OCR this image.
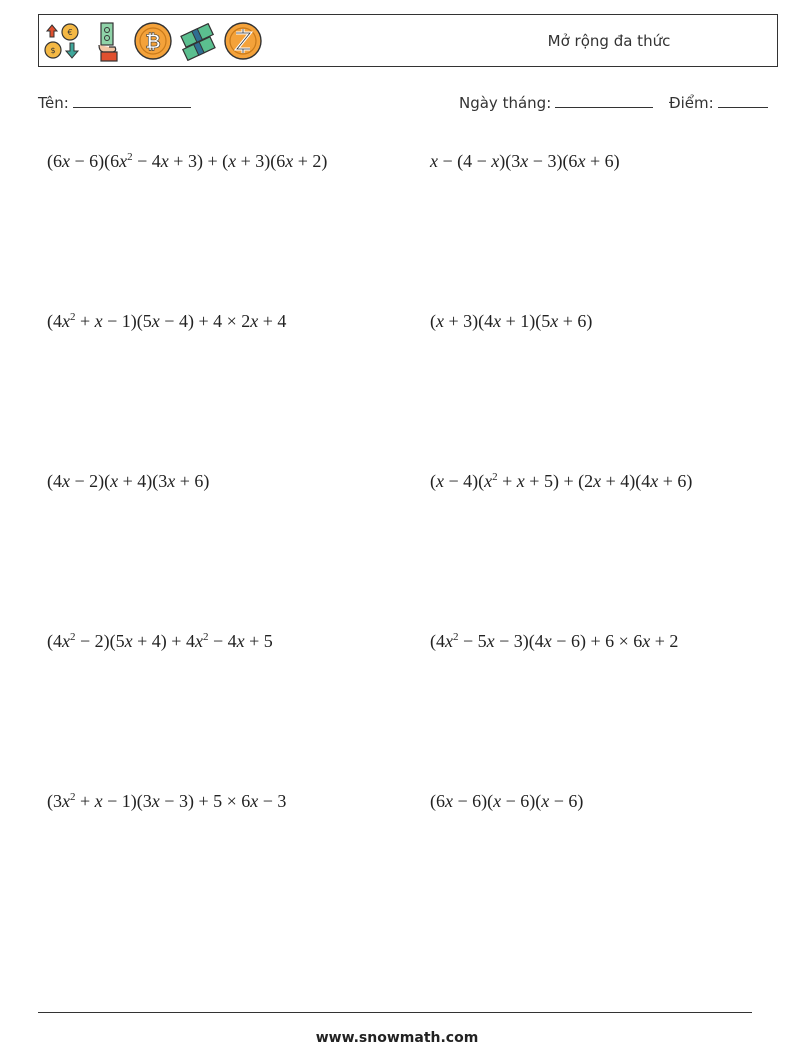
€
$	₿	Mở rộng đa thức
Tên:	Ngày tháng:	Điểm:
$(6x - 6)(6x^2 - 4x + 3) + (x + 3)(6x + 2)$	x − (4 − x)(3x − 3)(6x + 6)
$(4x^2 + x - 1)(5x - 4) + 4 \times 2x + 4$	(x + 3)(4x + 1)(5x + 6)
(4x − 2)(x + 4)(3x + 6)	$(x - 4)(x^2 + x + 5) + (2x + 4)(4x + 6)$
$(4x^2 - 2)(5x + 4) + 4x^2 - 4x + 5$	$(4x^2 - 5x - 3)(4x - 6) + 6 \times 6x + 2$
$(3x^2 + x - 1)(3x - 3) + 5 \times 6x - 3$	(6x − 6)(x − 6)(x − 6)
www.snowmath.com
